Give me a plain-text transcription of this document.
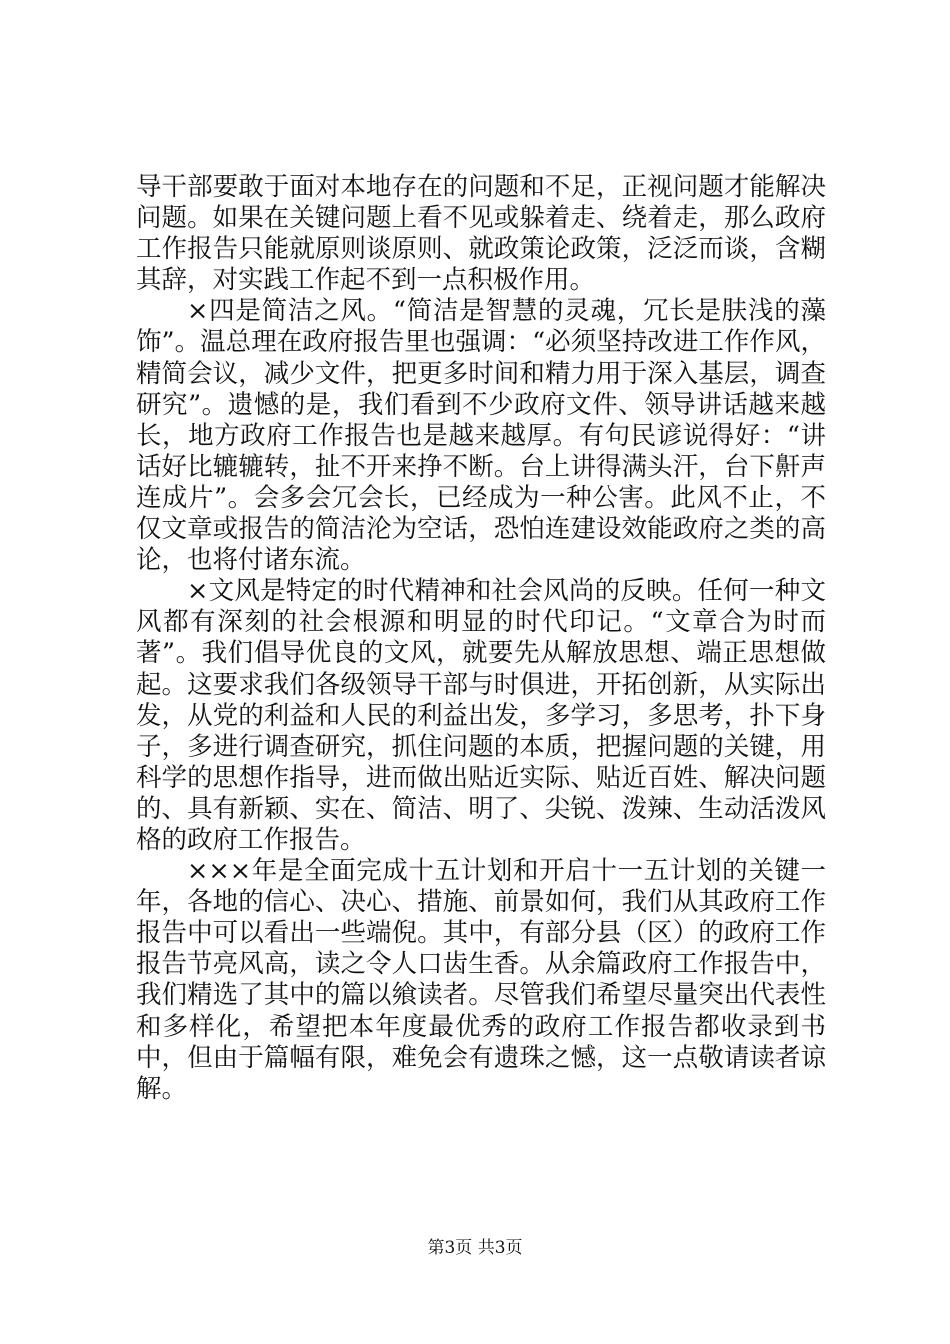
导干部要敢于面对本地存在的问题和不足，正视问题才能解决问题。如果在关键问题上看不见或躲着走、绕着走，那么政府工作报告只能就原则谈原则、就政策论政策，泛泛而谈，含糊其辞，对实践工作起不到一点积极作用。

×四是简洁之风。“简洁是智慧的灵魂，冗长是肤浅的藻饰”。温总理在政府报告里也强调：“必须坚持改进工作作风，精简会议，减少文件，把更多时间和精力用于深入基层，调查研究”。遗憾的是，我们看到不少政府文件、领导讲话越来越长，地方政府工作报告也是越来越厚。有句民谚说得好：“讲话好比辘辘转，扯不开来挣不断。台上讲得满头汗，台下鼾声连成片”。会多会冗会长，已经成为一种公害。此风不止，不仅文章或报告的简洁沦为空话，恐怕连建设效能政府之类的高论，也将付诸东流。

×文风是特定的时代精神和社会风尚的反映。任何一种文风都有深刻的社会根源和明显的时代印记。“文章合为时而著”。我们倡导优良的文风，就要先从解放思想、端正思想做起。这要求我们各级领导干部与时俱进，开拓创新，从实际出发，从党的利益和人民的利益出发，多学习，多思考，扑下身子，多进行调查研究，抓住问题的本质，把握问题的关键，用科学的思想作指导，进而做出贴近实际、贴近百姓、解决问题的、具有新颖、实在、简洁、明了、尖锐、泼辣、生动活泼风格的政府工作报告。

×××年是全面完成十五计划和开启十一五计划的关键一年，各地的信心、决心、措施、前景如何，我们从其政府工作报告中可以看出一些端倪。其中，有部分县（区）的政府工作报告节亮风高，读之令人口齿生香。从余篇政府工作报告中，我们精选了其中的篇以飨读者。尽管我们希望尽量突出代表性和多样化，希望把本年度最优秀的政府工作报告都收录到书中，但由于篇幅有限，难免会有遗珠之憾，这一点敬请读者谅解。

第3页 共3页
